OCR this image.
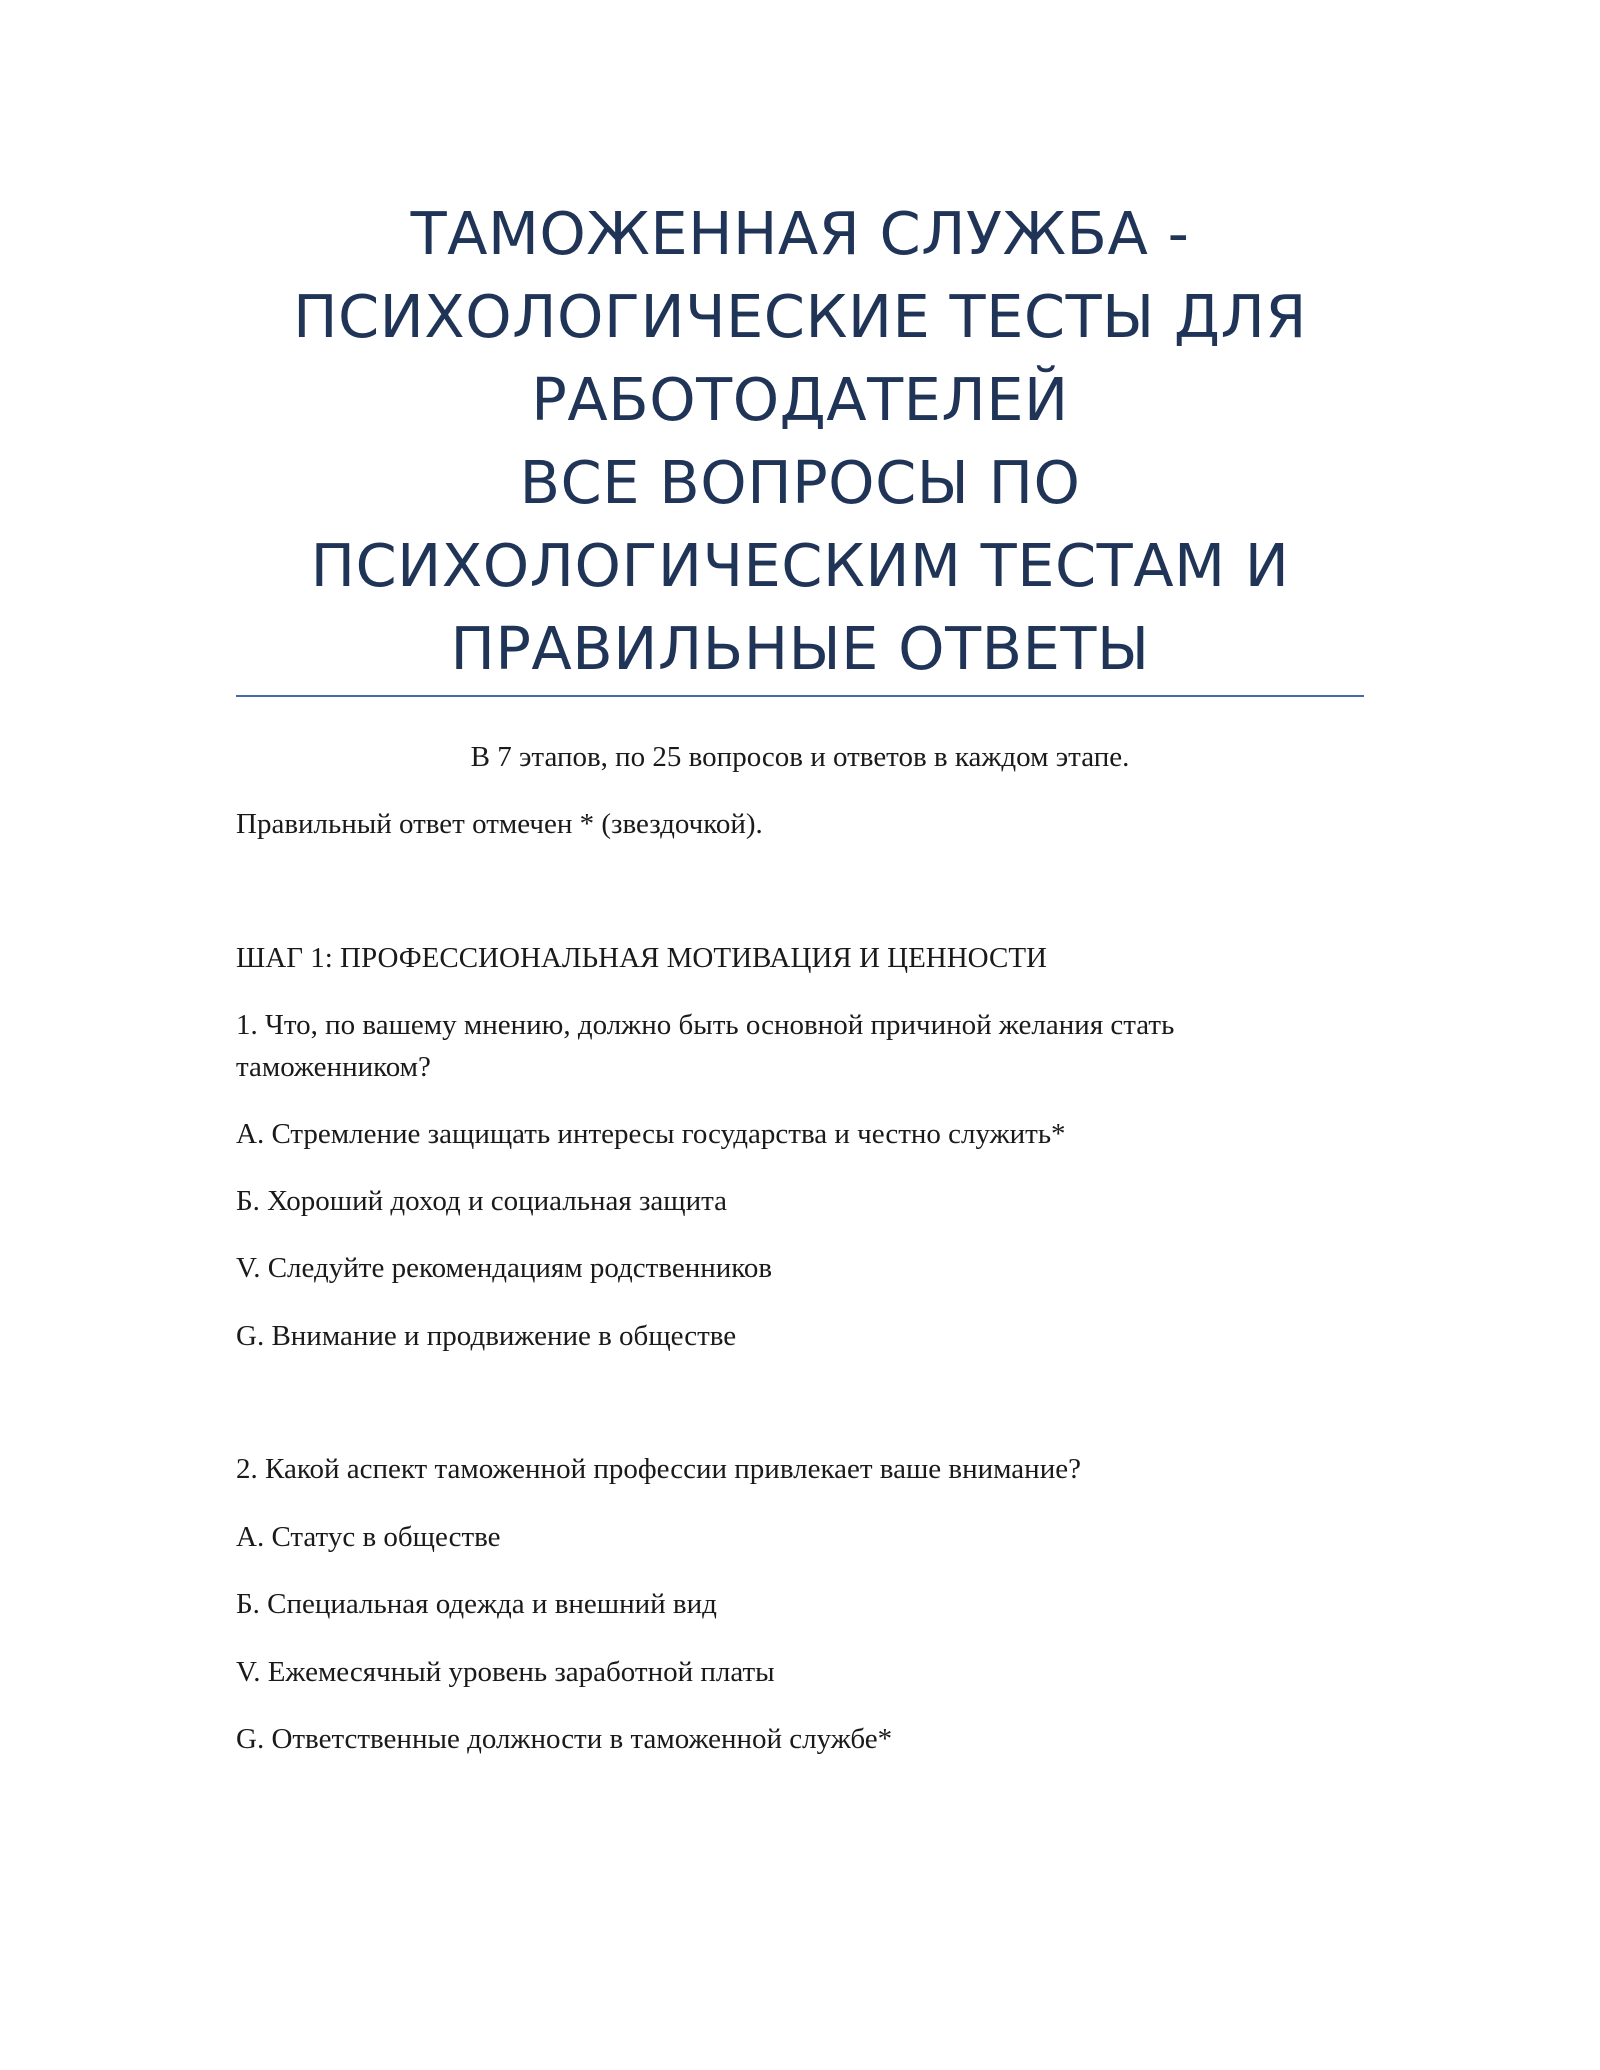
ТАМОЖЕННАЯ СЛУЖБА -
ПСИХОЛОГИЧЕСКИЕ ТЕСТЫ ДЛЯ
РАБОТОДАТЕЛЕЙ
ВСЕ ВОПРОСЫ ПО
ПСИХОЛОГИЧЕСКИМ ТЕСТАМ И
ПРАВИЛЬНЫЕ ОТВЕТЫ

В 7 этапов, по 25 вопросов и ответов в каждом этапе.

Правильный ответ отмечен * (звездочкой).

ШАГ 1: ПРОФЕССИОНАЛЬНАЯ МОТИВАЦИЯ И ЦЕННОСТИ

1. Что, по вашему мнению, должно быть основной причиной желания стать таможенником?

A. Стремление защищать интересы государства и честно служить*

Б. Хороший доход и социальная защита

V. Следуйте рекомендациям родственников

G. Внимание и продвижение в обществе

2. Какой аспект таможенной профессии привлекает ваше внимание?

A. Статус в обществе

Б. Специальная одежда и внешний вид

V. Ежемесячный уровень заработной платы

G. Ответственные должности в таможенной службе*
